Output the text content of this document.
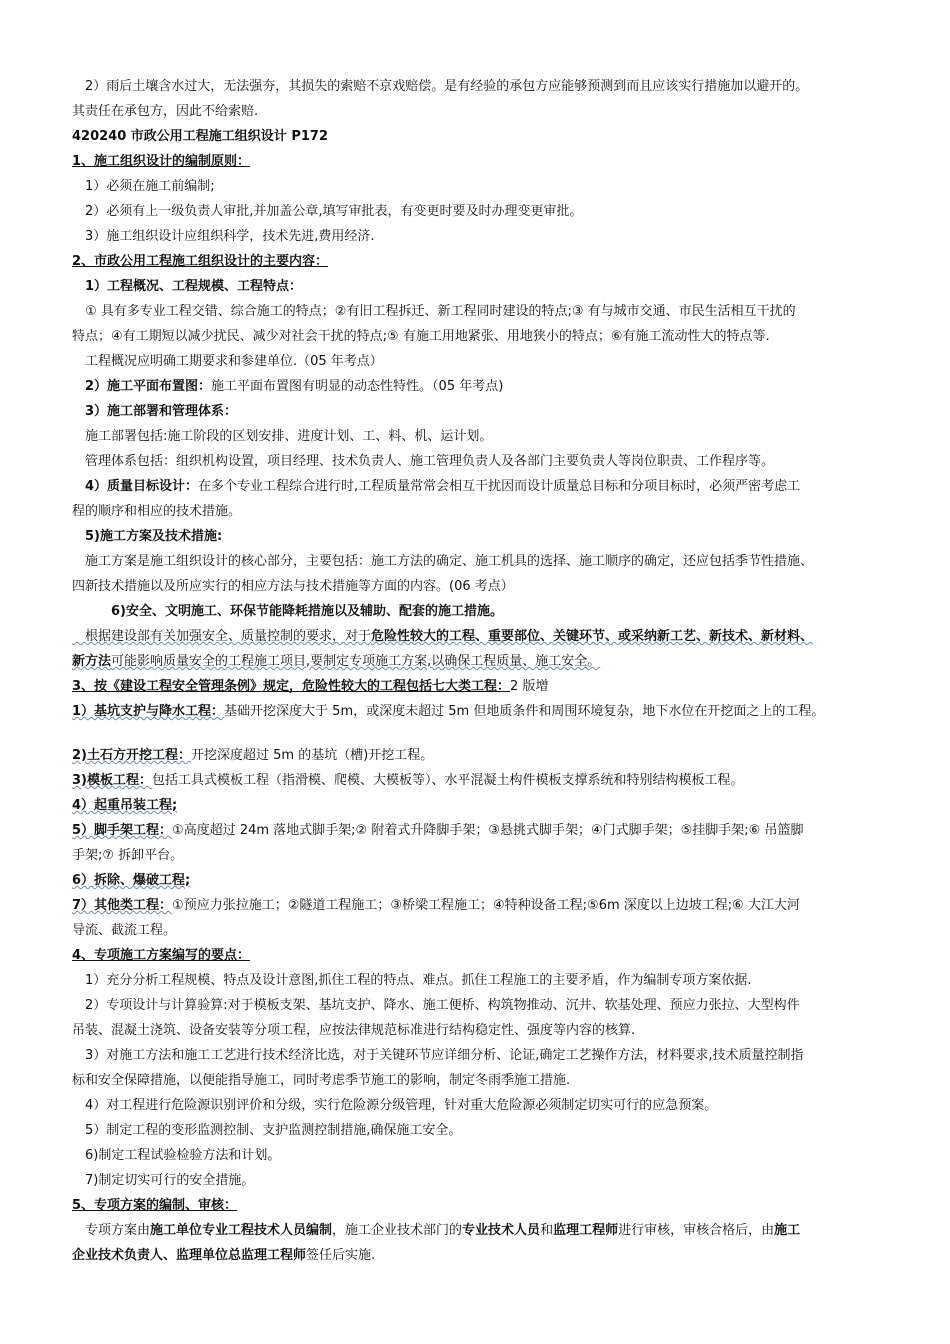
　2）雨后土壤含水过大，无法强夯，其损失的索赔不京戏赔偿。是有经验的承包方应能够预测到而且应该实行措施加以避开的。
其责任在承包方，因此不给索赔.
420240 市政公用工程施工组织设计 P172
1、施工组织设计的编制原则：
　1）必须在施工前编制;
　2）必须有上一级负责人审批,并加盖公章,填写审批表，有变更时要及时办理变更审批。
　3）施工组织设计应组织科学，技术先进,费用经济.
2、市政公用工程施工组织设计的主要内容：
　1）工程概况、工程规模、工程特点：
　① 具有多专业工程交错、综合施工的特点；②有旧工程拆迁、新工程同时建设的特点;③ 有与城市交通、市民生活相互干扰的
特点；④有工期短以减少扰民、减少对社会干扰的特点;⑤ 有施工用地紧张、用地狭小的特点；⑥有施工流动性大的特点等.
　工程概况应明确工期要求和参建单位.（05 年考点）
　2）施工平面布置图：施工平面布置图有明显的动态性特性。（05 年考点)
　3）施工部署和管理体系：
　施工部署包括:施工阶段的区划安排、进度计划、工、料、机、运计划。
　管理体系包括：组织机构设置，项目经理、技术负责人、施工管理负责人及各部门主要负责人等岗位职责、工作程序等。
　4）质量目标设计：在多个专业工程综合进行时,工程质量常常会相互干扰因而设计质量总目标和分项目标时，必须严密考虑工
程的顺序和相应的技术措施。
　5)施工方案及技术措施:
　施工方案是施工组织设计的核心部分，主要包括：施工方法的确定、施工机具的选择、施工顺序的确定，还应包括季节性措施、
四新技术措施以及所应实行的相应方法与技术措施等方面的内容。(06 考点）
　　　6)安全、文明施工、环保节能降耗措施以及辅助、配套的施工措施。
　根据建设部有关加强安全、质量控制的要求，对于危险性较大的工程、重要部位、关键环节、或采纳新工艺、新技术、新材料、
新方法可能影响质量安全的工程施工项目,要制定专项施工方案,以确保工程质量、施工安全。
3、按《建设工程安全管理条例》规定，危险性较大的工程包括七大类工程：2 版增
1）基坑支护与降水工程：基础开挖深度大于 5m，或深度未超过 5m 但地质条件和周围环境复杂，地下水位在开挖面之上的工程。
2)土石方开挖工程：开挖深度超过 5m 的基坑（槽)开挖工程。
3)模板工程：包括工具式模板工程（指滑模、爬模、大模板等）、水平混凝土构件模板支撑系统和特别结构模板工程。
4）起重吊装工程;
5）脚手架工程：①高度超过 24m 落地式脚手架;② 附着式升降脚手架；③悬挑式脚手架；④门式脚手架；⑤挂脚手架;⑥ 吊篮脚
手架;⑦ 拆卸平台。
6）拆除、爆破工程;
7）其他类工程：①预应力张拉施工；②隧道工程施工；③桥梁工程施工；④特种设备工程;⑤6m 深度以上边坡工程;⑥ 大江大河
导流、截流工程。
4、专项施工方案编写的要点：
　1）充分分析工程规模、特点及设计意图,抓住工程的特点、难点。抓住工程施工的主要矛盾，作为编制专项方案依据.
　2）专项设计与计算验算:对于模板支架、基坑支护、降水、施工便桥、构筑物推动、沉井、软基处理、预应力张拉、大型构件
吊装、混凝土浇筑、设备安装等分项工程，应按法律规范标准进行结构稳定性、强度等内容的核算.
　3）对施工方法和施工工艺进行技术经济比选，对于关键环节应详细分析、论证,确定工艺操作方法，材料要求,技术质量控制指
标和安全保障措施，以便能指导施工，同时考虑季节施工的影响，制定冬雨季施工措施.
　4）对工程进行危险源识别评价和分级，实行危险源分级管理，针对重大危险源必须制定切实可行的应急预案。
　5）制定工程的变形监测控制、支护监测控制措施,确保施工安全。
　6)制定工程试验检验方法和计划。
　7)制定切实可行的安全措施。
5、专项方案的编制、审核：
　专项方案由施工单位专业工程技术人员编制，施工企业技术部门的专业技术人员和监理工程师进行审核，审核合格后，由施工
企业技术负责人、监理单位总监理工程师签任后实施.
